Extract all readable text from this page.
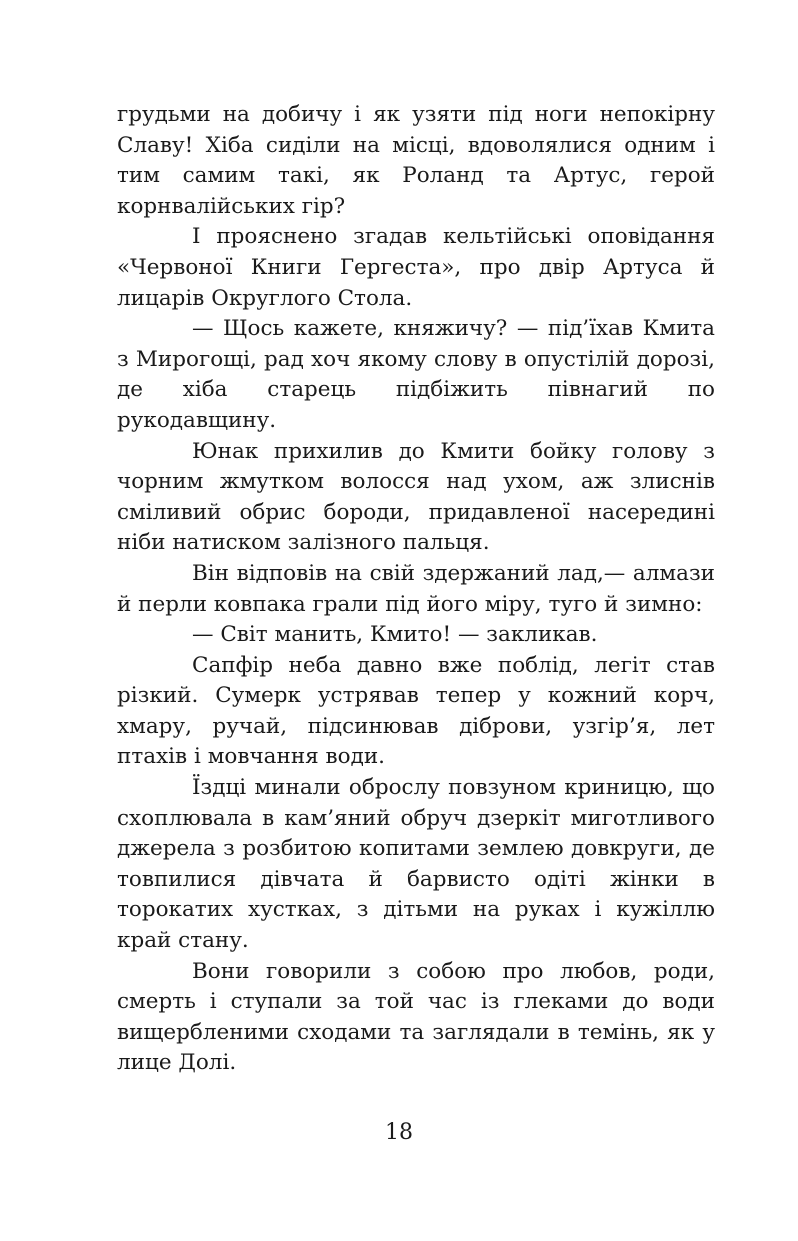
грудьми на добичу і як узяти під ноги непокірну Славу! Хіба сиділи на місці, вдоволялися одним і тим самим такі, як Роланд та Артус, герой корнвалійських гір?

І прояснено згадав кельтійські оповідання «Червоної Книги Гергеста», про двір Артуса й лицарів Округлого Стола.

— Щось кажете, княжичу? — під’їхав Кмита з Мирогощі, рад хоч якому слову в опустілій дорозі, де хіба старець підбіжить півнагий по рукодавщину.

Юнак прихилив до Кмити бойку голову з чорним жмутком волосся над ухом, аж злиснів сміливий обрис бороди, придавленої насередині ніби натиском залізного пальця.

Він відповів на свій здержаний лад,— алмази й перли ковпака грали під його міру, туго й зимно:

— Світ манить, Кмито! — закликав.

Сапфір неба давно вже поблід, легіт став різкий. Сумерк устрявав тепер у кожний корч, хмару, ручай, підсинював діброви, узгір’я, лет птахів і мовчання води.

Їздці минали оброслу повзуном криницю, що схоплювала в кам’яний обруч дзеркіт миготливого джерела з розбитою копитами землею довкруги, де товпилися дівчата й барвисто одіті жінки в торокатих хустках, з дітьми на руках і кужіллю край стану.

Вони говорили з собою про любов, роди, смерть і ступали за той час із глеками до води вищербленими сходами та заглядали в темінь, як у лице Долі.

18
